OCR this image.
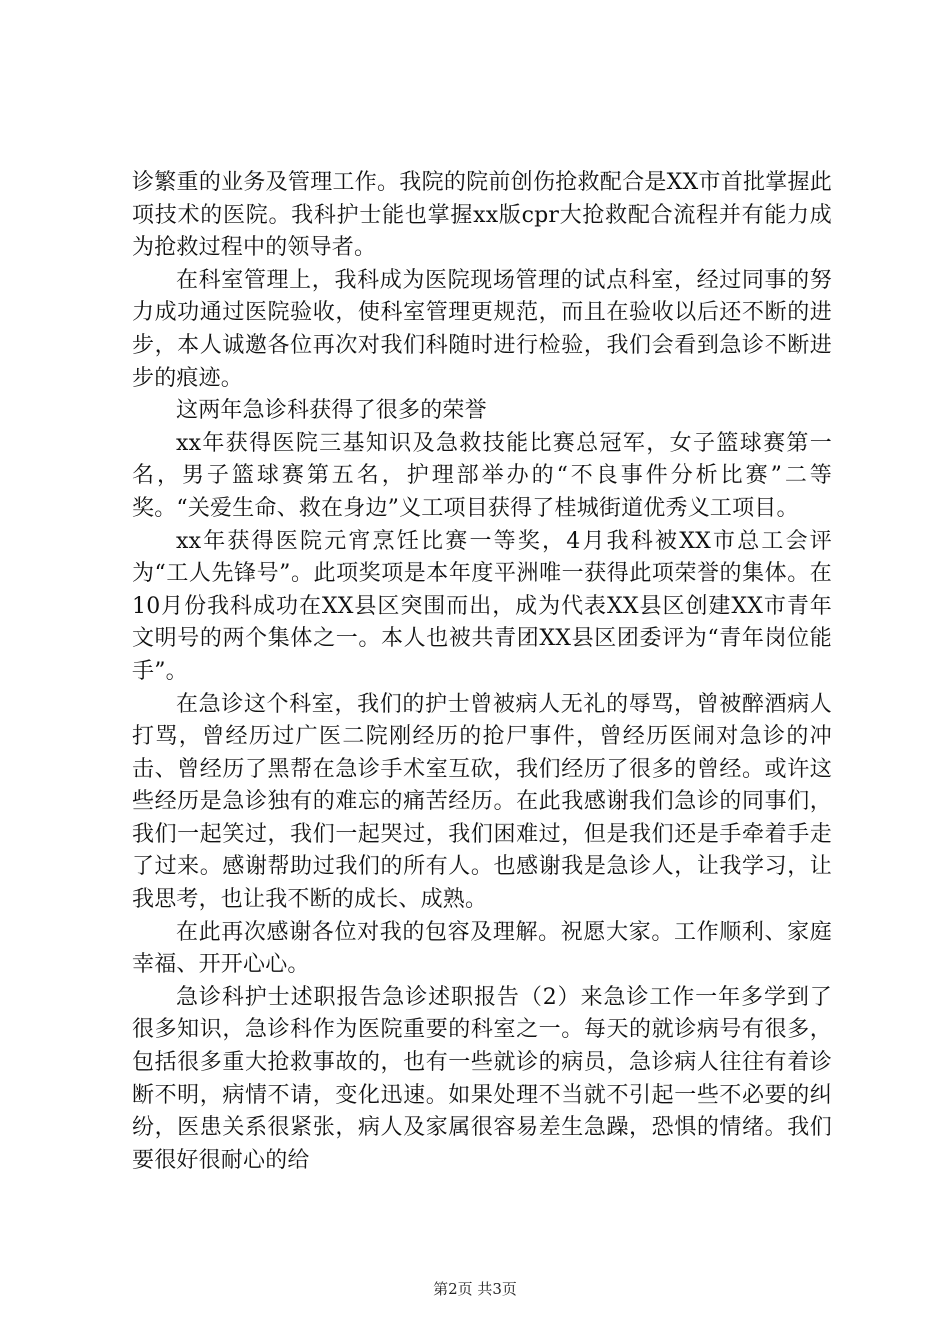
诊繁重的业务及管理工作。我院的院前创伤抢救配合是XX市首批掌握此项技术的医院。我科护士能也掌握xx版cpr大抢救配合流程并有能力成为抢救过程中的领导者。

在科室管理上，我科成为医院现场管理的试点科室，经过同事的努力成功通过医院验收，使科室管理更规范，而且在验收以后还不断的进步，本人诚邀各位再次对我们科随时进行检验，我们会看到急诊不断进步的痕迹。

这两年急诊科获得了很多的荣誉

xx年获得医院三基知识及急救技能比赛总冠军，女子篮球赛第一名，男子篮球赛第五名，护理部举办的“不良事件分析比赛”二等奖。“关爱生命、救在身边”义工项目获得了桂城街道优秀义工项目。

xx年获得医院元宵烹饪比赛一等奖，4月我科被XX市总工会评为“工人先锋号”。此项奖项是本年度平洲唯一获得此项荣誉的集体。在10月份我科成功在XX县区突围而出，成为代表XX县区创建XX市青年文明号的两个集体之一。本人也被共青团XX县区团委评为“青年岗位能手”。

在急诊这个科室，我们的护士曾被病人无礼的辱骂，曾被醉酒病人打骂，曾经历过广医二院刚经历的抢尸事件，曾经历医闹对急诊的冲击、曾经历了黑帮在急诊手术室互砍，我们经历了很多的曾经。或许这些经历是急诊独有的难忘的痛苦经历。在此我感谢我们急诊的同事们，我们一起笑过，我们一起哭过，我们困难过，但是我们还是手牵着手走了过来。感谢帮助过我们的所有人。也感谢我是急诊人，让我学习，让我思考，也让我不断的成长、成熟。

在此再次感谢各位对我的包容及理解。祝愿大家。工作顺利、家庭幸福、开开心心。

急诊科护士述职报告急诊述职报告（2）来急诊工作一年多学到了很多知识，急诊科作为医院重要的科室之一。每天的就诊病号有很多，包括很多重大抢救事故的，也有一些就诊的病员，急诊病人往往有着诊断不明，病情不请，变化迅速。如果处理不当就不引起一些不必要的纠纷，医患关系很紧张，病人及家属很容易差生急躁，恐惧的情绪。我们要很好很耐心的给

第2页 共3页
